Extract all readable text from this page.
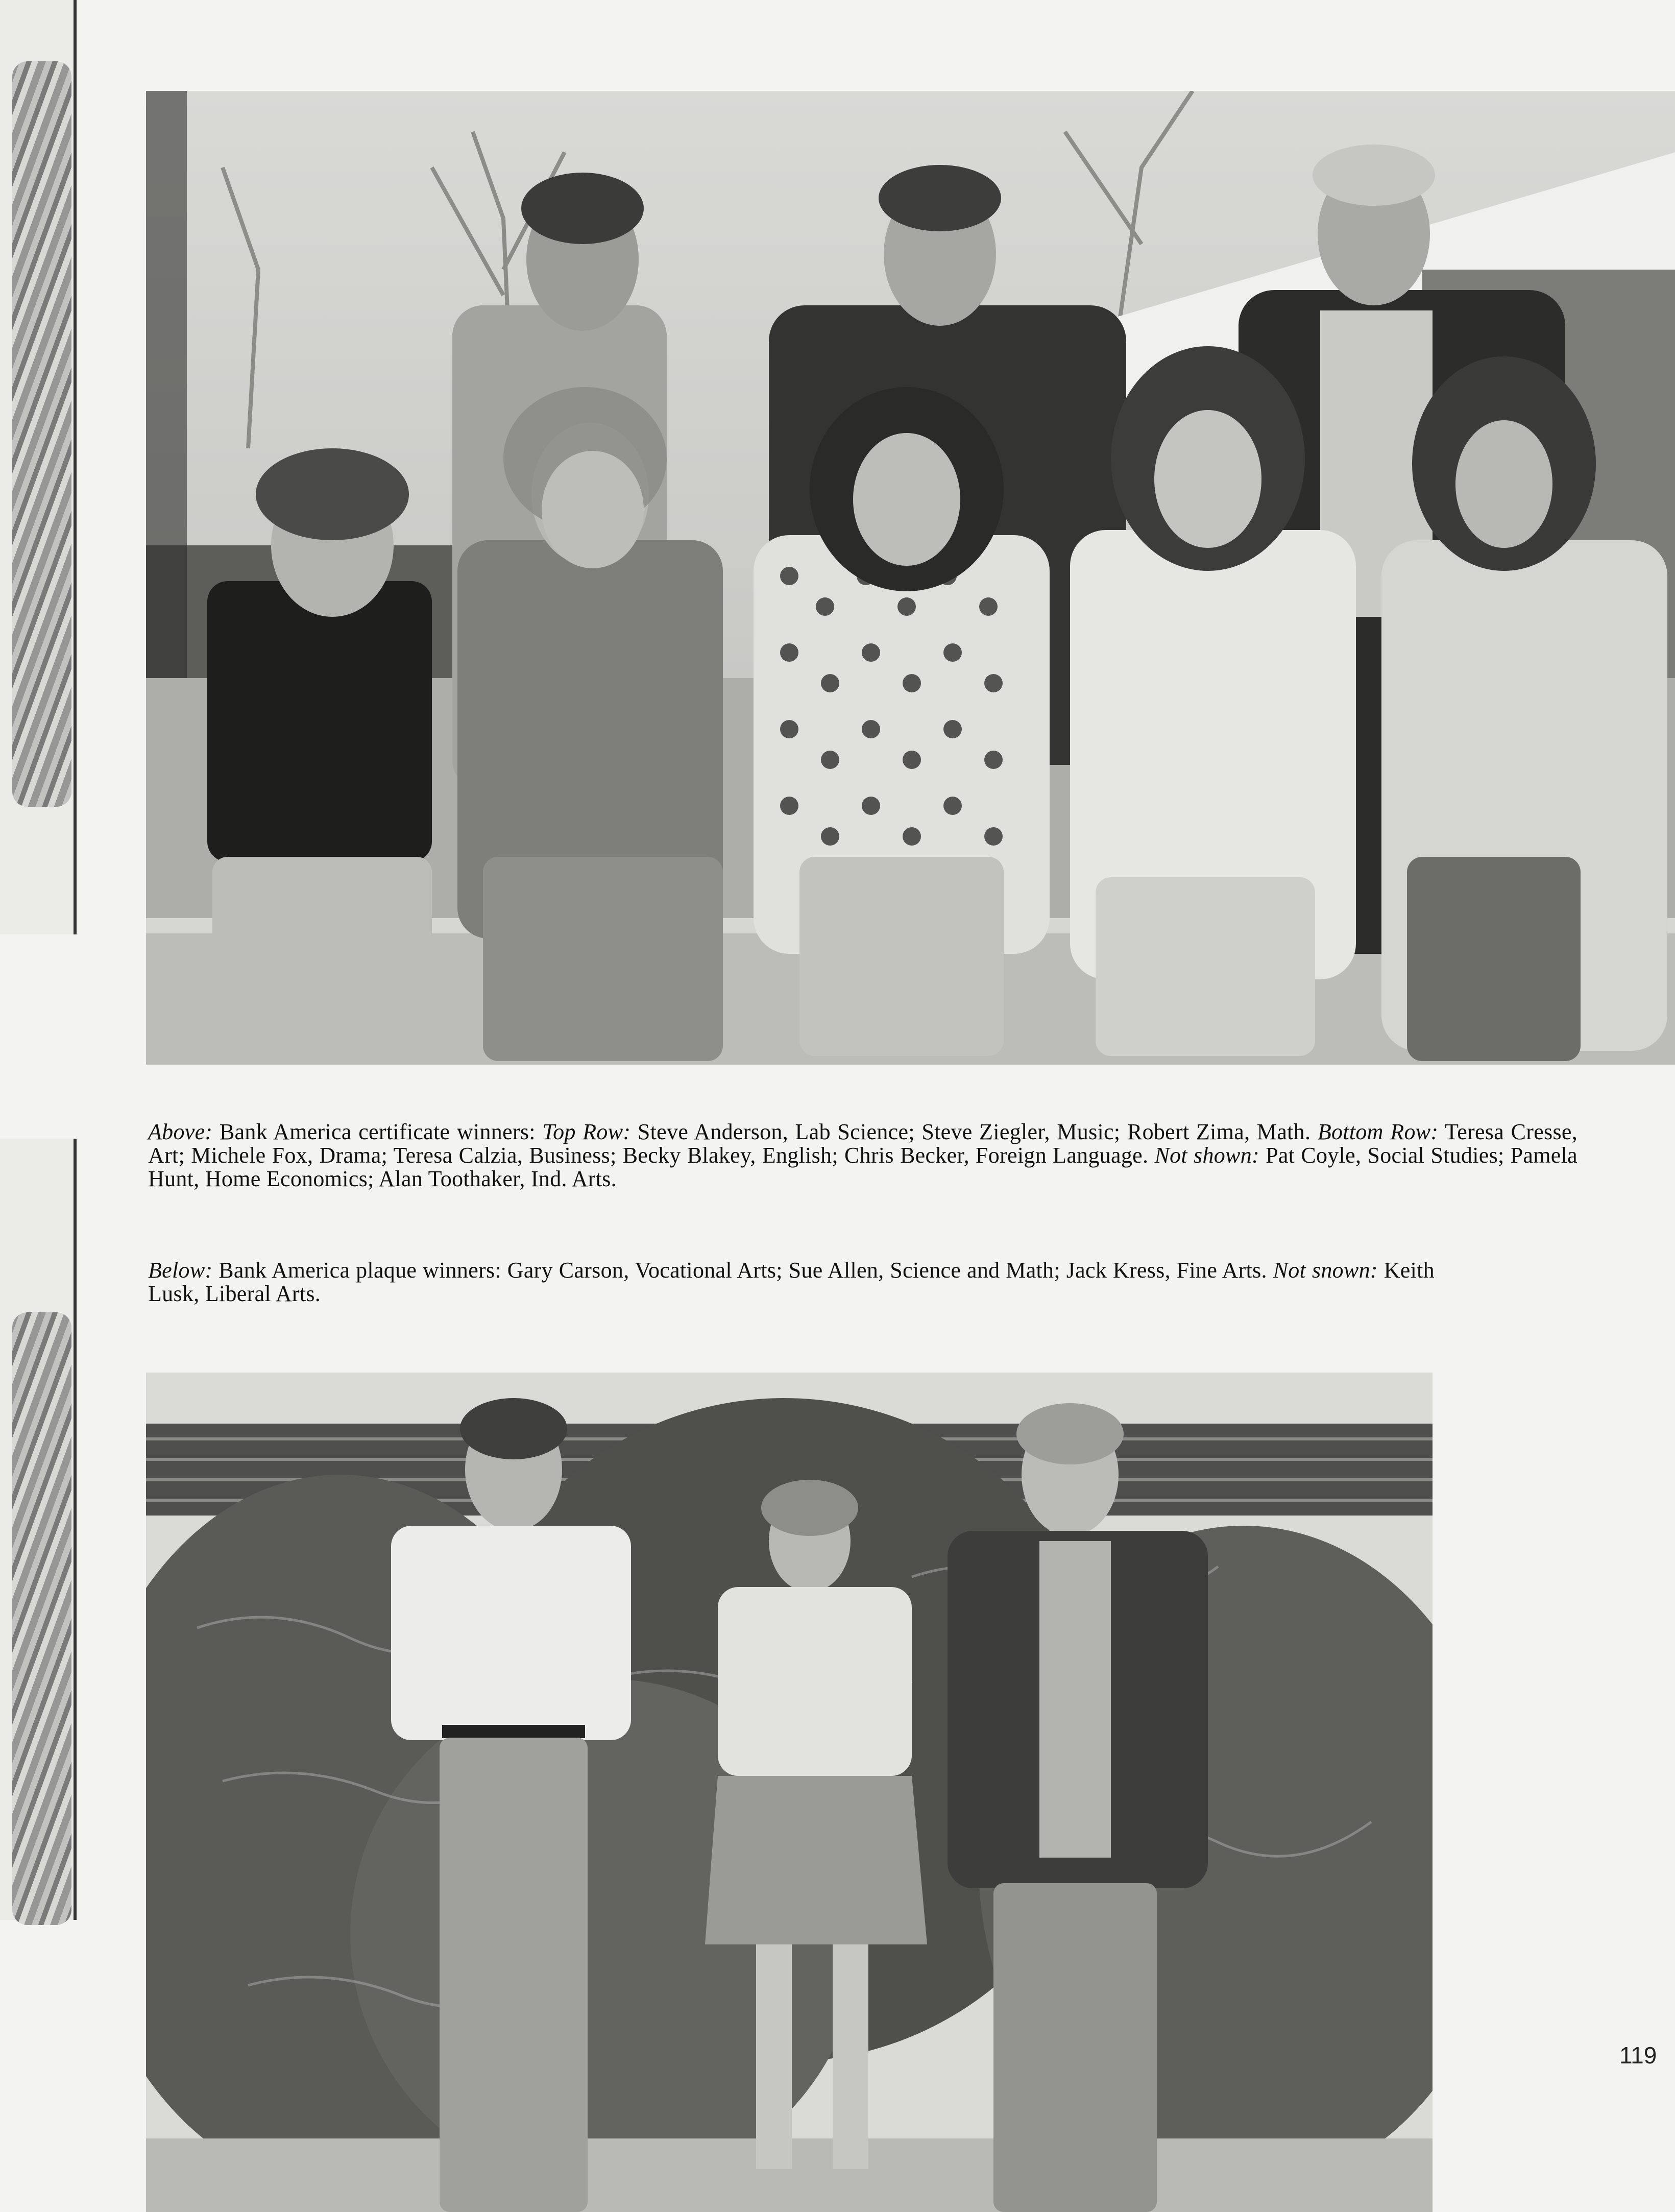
Above: Bank America certificate winners: Top Row: Steve Anderson, Lab Science; Steve Ziegler, Music; Robert Zima, Math. Bottom Row: Teresa Cresse, Art; Michele Fox, Drama; Teresa Calzia, Business; Becky Blakey, English; Chris Becker, Foreign Language. Not shown: Pat Coyle, Social Studies; Pamela Hunt, Home Economics; Alan Toothaker, Ind. Arts.
Below: Bank America plaque winners: Gary Carson, Vocational Arts; Sue Allen, Science and Math; Jack Kress, Fine Arts. Not snown: Keith Lusk, Liberal Arts.
119
